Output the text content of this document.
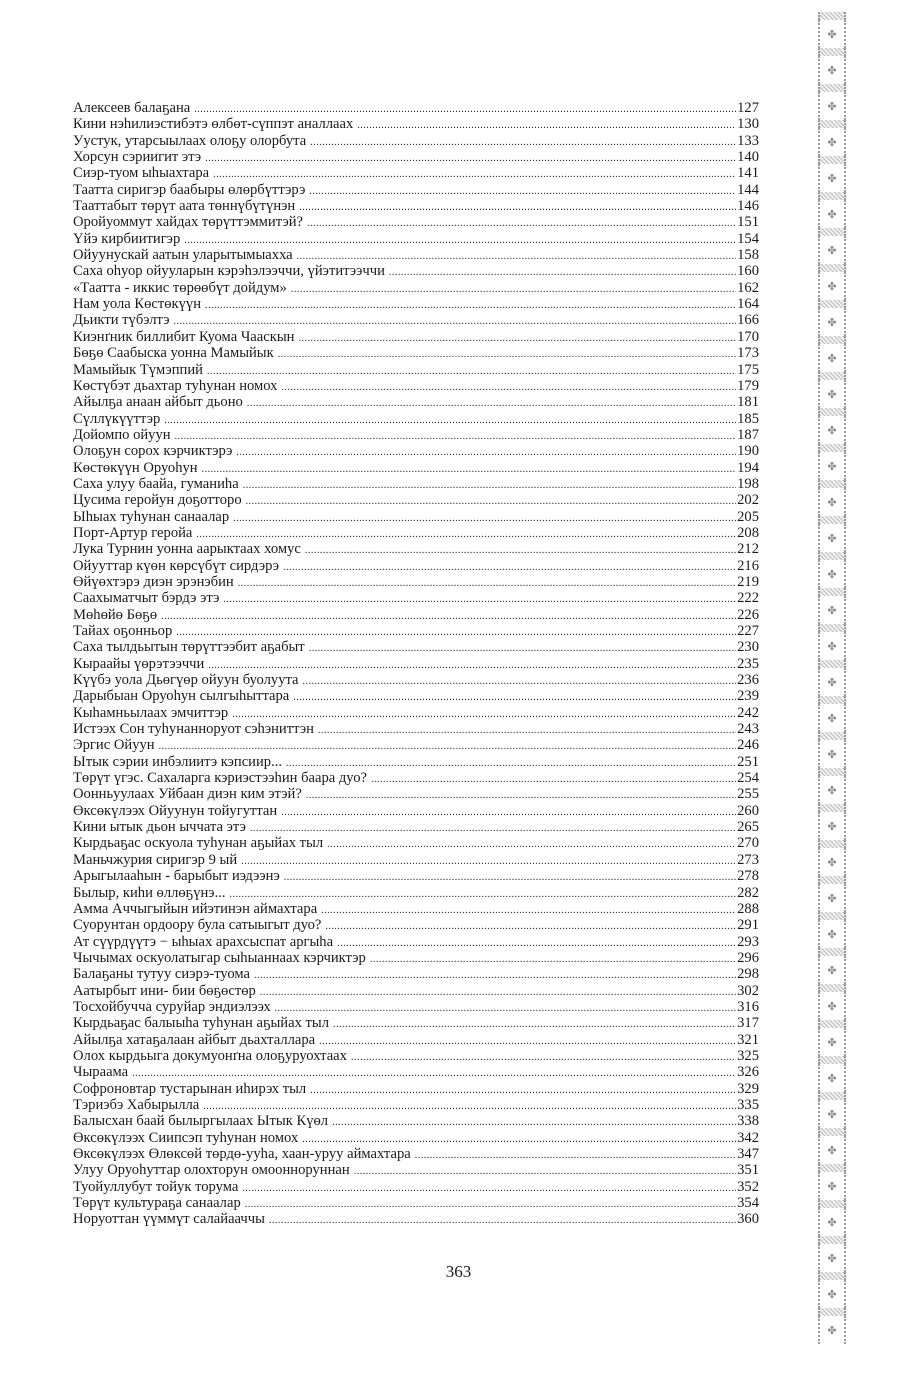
Алексеев балаҕана .....	127
Кини нэһилиэстибэтэ өлбөт-сүппэт аналлаах .....	130
Уустук, утарсыылаах олоҕу олорбута .....	133
Хорсун сэриигит этэ .....	140
Сиэр-туом ыһыахтара .....	141
Таатта сиригэр баабыры өлөрбүттэрэ .....	144
Тааттабыт төрүт аата төннүбүтүнэн .....	146
Оройуоммут хайдах төрүттэммитэй? .....	151
Үйэ кирбиитигэр .....	154
Ойуунускай аатын уларытымыахха .....	158
Саха оһуор ойууларын кэрэһэлээччи, үйэтитээччи .....	160
«Таатта - иккис төрөөбүт дойдум» .....	162
Нам уола Көстөкүүн .....	164
Дьикти түбэлтэ .....	166
Киэнґник биллибит Куома Чааскын .....	170
Бөҕө Саабыска уонна Мамыйык .....	173
Мамыйык Түмэппий .....	175
Көстүбэт дьахтар туһунан номох .....	179
Айылҕа анаан айбыт дьоно .....	181
Сүллүкүүттэр .....	185
Дойомпо ойуун .....	187
Олоҕун сорох кэрчиктэрэ .....	190
Көстөкүүн Оруоһун .....	194
Саха улуу баайа, гуманиһа .....	198
Цусима геройун доҕотторо .....	202
Ыһыах туһунан санаалар .....	205
Порт-Артур геройа .....	208
Лука Турнин уонна аарыктаах хомус .....	212
Ойууттар күөн көрсүбүт сирдэрэ .....	216
Өйүөхтэрэ диэн эрэнэбин .....	219
Саахыматчыт бэрдэ этэ .....	222
Мөһөйө Бөҕө .....	226
Тайах оҕонньор .....	227
Саха тылдьытын төрүттээбит аҕабыт .....	230
Кыраайы үөрэтээччи .....	235
Күүбэ уола Дьөгүөр ойуун буолуута .....	236
Дарыбыан Оруоһун сылгыһыттара .....	239
Кыһамньылаах эмчиттэр .....	242
Истээх Сон туһунанноруот сэһэниттэн .....	243
Эргис Ойуун .....	246
Ытык сэрии инбэлиитэ кэпсиир... .....	251
Төрүт үгэс. Сахаларга кэриэстээһин баара дуо? .....	254
Оонньуулаах Уйбаан диэн ким этэй? .....	255
Өксөкүлээх Ойуунун тойугуттан .....	260
Кини ытык дьон ыччата этэ .....	265
Кырдьаҕас оскуола туһунан аҕыйах тыл .....	270
Маньчжурия сиригэр 9 ый .....	273
Арыгылааһын - барыбыт иэдээнэ .....	278
Былыр, киһи өллөҕүнэ... .....	282
Амма Аччыгыйын ийэтинэн аймахтара .....	288
Суорунтан ордоору була сатыыгыт дуо? .....	291
Ат сүүрдүүтэ − ыһыах арахсыспат аргыһа .....	293
Чычымах оскуолатыгар сыһыаннаах кэрчиктэр .....	296
Балаҕаны тутуу сиэрэ-туома .....	298
Аатырбыт ини- бии бөҕөстөр .....	302
Тосхойбучча суруйар эндиэлээх .....	316
Кырдьаҕас балыыһа туһунан аҕыйах тыл .....	317
Айылҕа хатаҕалаан айбыт дьахталлара .....	321
Олох кырдьыга докумуонґна олоҕуруохтаах .....	325
Чыраама .....	326
Софроновтар тустарынан иһирэх тыл .....	329
Тэриэбэ Хабырылла .....	335
Балысхан баай былыргылаах Ытык Күөл .....	338
Өксөкүлээх Сиипсэп туһунан номох .....	342
Өксөкүлээх Өлөксөй төрдө-ууһа, хаан-уруу аймахтара .....	347
Улуу Оруоһуттар олохторун омоонноруннан .....	351
Туойуллубут тойук торума .....	352
Төрүт культураҕа санаалар .....	354
Норуоттан үүммүт салайааччы .....	360
363
✤
✤
✤
✤
✤
✤
✤
✤
✤
✤
✤
✤
✤
✤
✤
✤
✤
✤
✤
✤
✤
✤
✤
✤
✤
✤
✤
✤
✤
✤
✤
✤
✤
✤
✤
✤
✤
